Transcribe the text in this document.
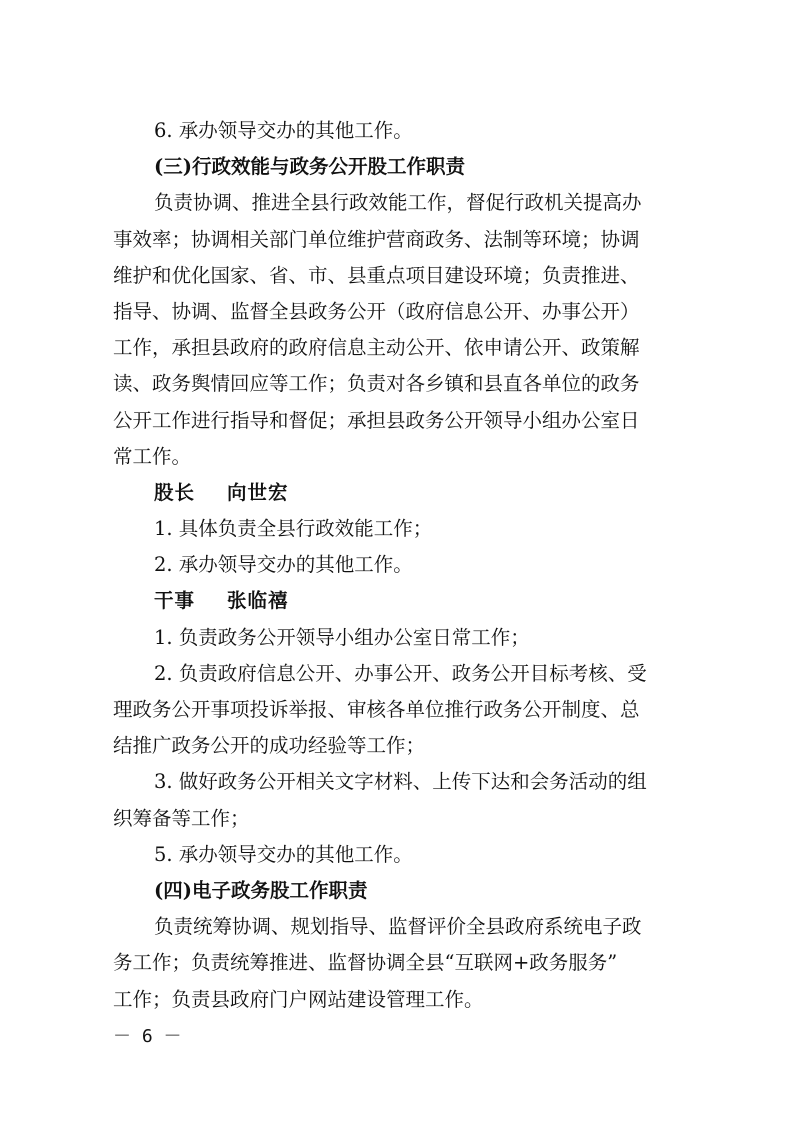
6. 承办领导交办的其他工作。
(三)行政效能与政务公开股工作职责
负责协调、推进全县行政效能工作，督促行政机关提高办
事效率；协调相关部门单位维护营商政务、法制等环境；协调
维护和优化国家、省、市、县重点项目建设环境；负责推进、
指导、协调、监督全县政务公开（政府信息公开、办事公开）
工作，承担县政府的政府信息主动公开、依申请公开、政策解
读、政务舆情回应等工作；负责对各乡镇和县直各单位的政务
公开工作进行指导和督促；承担县政务公开领导小组办公室日
常工作。
股长 向世宏
1. 具体负责全县行政效能工作；
2. 承办领导交办的其他工作。
干事 张临禧
1. 负责政务公开领导小组办公室日常工作；
2. 负责政府信息公开、办事公开、政务公开目标考核、受
理政务公开事项投诉举报、审核各单位推行政务公开制度、总
结推广政务公开的成功经验等工作；
3. 做好政务公开相关文字材料、上传下达和会务活动的组
织筹备等工作；
5. 承办领导交办的其他工作。
(四)电子政务股工作职责
负责统筹协调、规划指导、监督评价全县政府系统电子政
务工作；负责统筹推进、监督协调全县“互联网+政务服务”
工作；负责县政府门户网站建设管理工作。
－ 6 －
